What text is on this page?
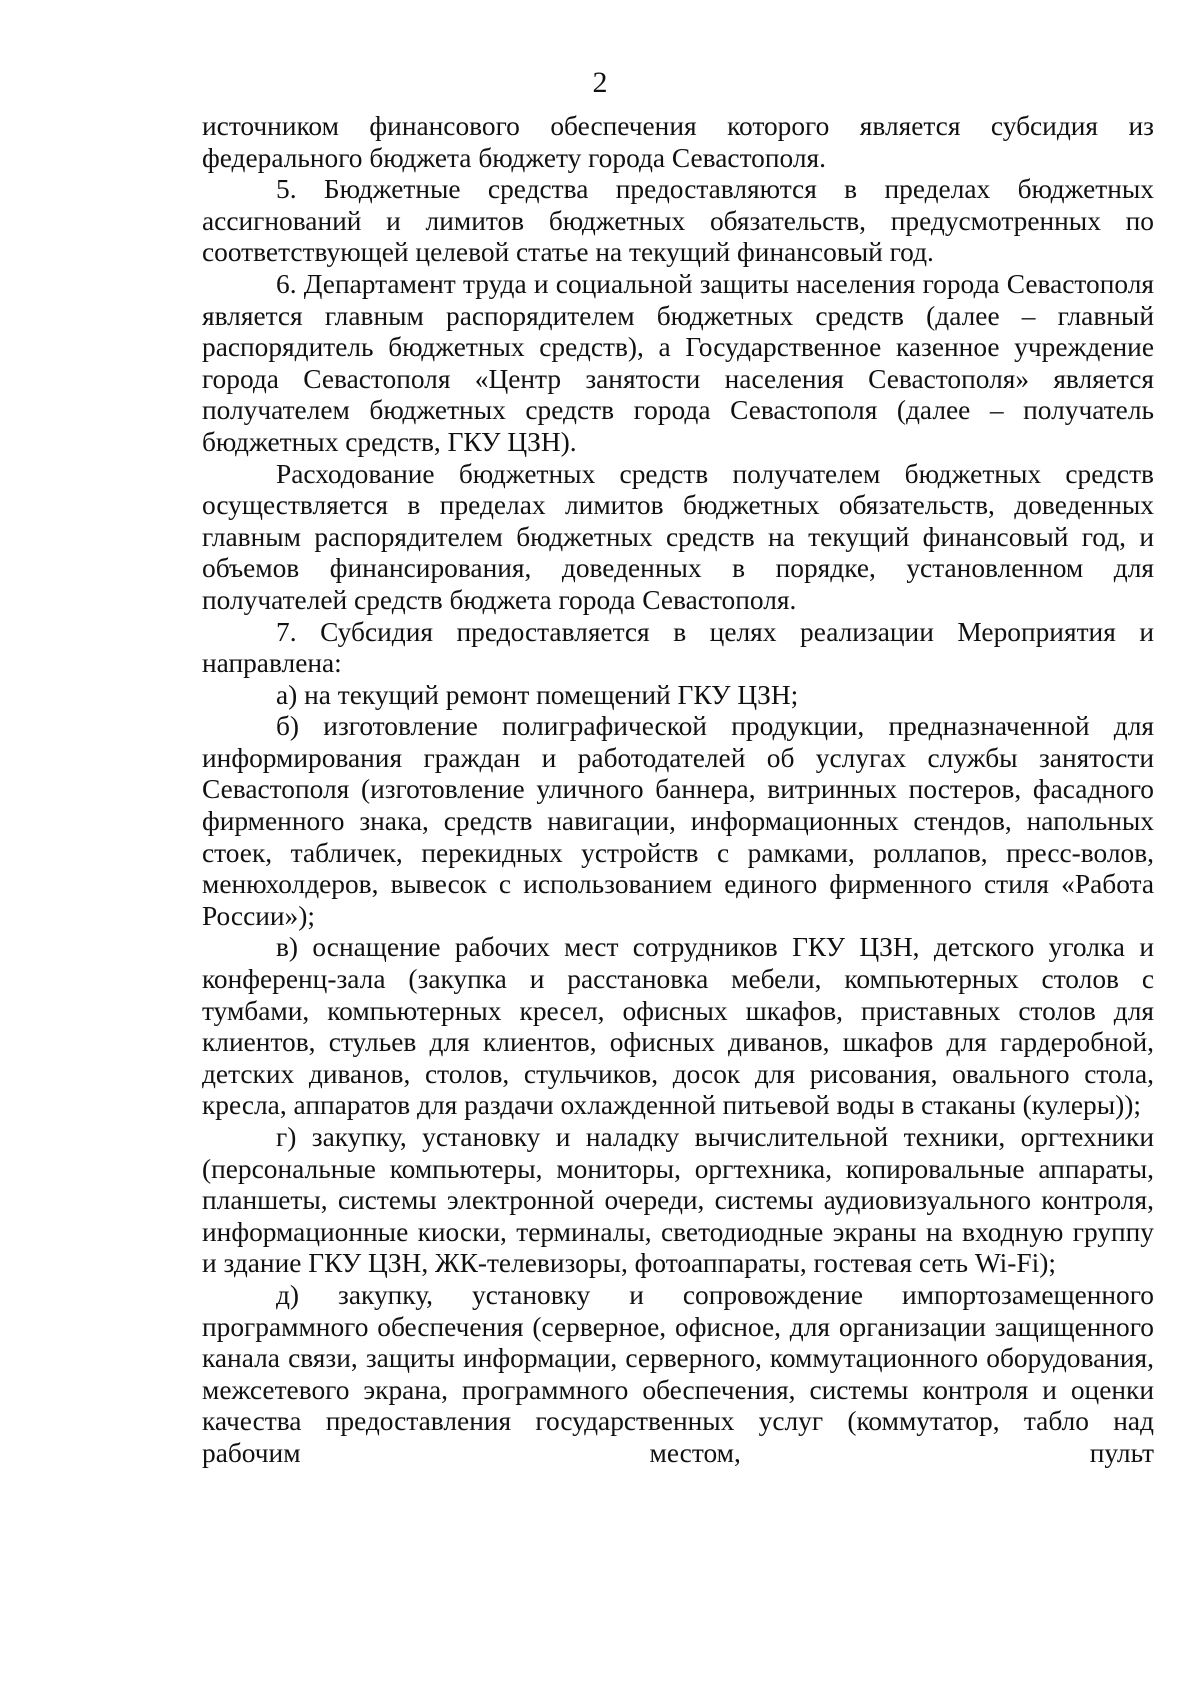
2

источником финансового обеспечения которого является субсидия из федерального бюджета бюджету города Севастополя.

5. Бюджетные средства предоставляются в пределах бюджетных ассигнований и лимитов бюджетных обязательств, предусмотренных по соответствующей целевой статье на текущий финансовый год.

6. Департамент труда и социальной защиты населения города Севастополя является главным распорядителем бюджетных средств (далее – главный распорядитель бюджетных средств), а Государственное казенное учреждение города Севастополя «Центр занятости населения Севастополя» является получателем бюджетных средств города Севастополя (далее – получатель бюджетных средств, ГКУ ЦЗН).

Расходование бюджетных средств получателем бюджетных средств осуществляется в пределах лимитов бюджетных обязательств, доведенных главным распорядителем бюджетных средств на текущий финансовый год, и объемов финансирования, доведенных в порядке, установленном для получателей средств бюджета города Севастополя.

7. Субсидия предоставляется в целях реализации Мероприятия и направлена:

а) на текущий ремонт помещений ГКУ ЦЗН;

б) изготовление полиграфической продукции, предназначенной для информирования граждан и работодателей об услугах службы занятости Севастополя (изготовление уличного баннера, витринных постеров, фасадного фирменного знака, средств навигации, информационных стендов, напольных стоек, табличек, перекидных устройств с рамками, роллапов, пресс-волов, менюхолдеров, вывесок с использованием единого фирменного стиля «Работа России»);

в) оснащение рабочих мест сотрудников ГКУ ЦЗН, детского уголка и конференц-зала (закупка и расстановка мебели, компьютерных столов с тумбами, компьютерных кресел, офисных шкафов, приставных столов для клиентов, стульев для клиентов, офисных диванов, шкафов для гардеробной, детских диванов, столов, стульчиков, досок для рисования, овального стола, кресла, аппаратов для раздачи охлажденной питьевой воды в стаканы (кулеры));

г) закупку, установку и наладку вычислительной техники, оргтехники (персональные компьютеры, мониторы, оргтехника, копировальные аппараты, планшеты, системы электронной очереди, системы аудиовизуального контроля, информационные киоски, терминалы, светодиодные экраны на входную группу и здание ГКУ ЦЗН, ЖК-телевизоры, фотоаппараты, гостевая сеть Wi-Fi);

д) закупку, установку и сопровождение импортозамещенного программного обеспечения (серверное, офисное, для организации защищенного канала связи, защиты информации, серверного, коммутационного оборудования, межсетевого экрана, программного обеспечения, системы контроля и оценки качества предоставления государственных услуг (коммутатор, табло над рабочим местом, пульт
